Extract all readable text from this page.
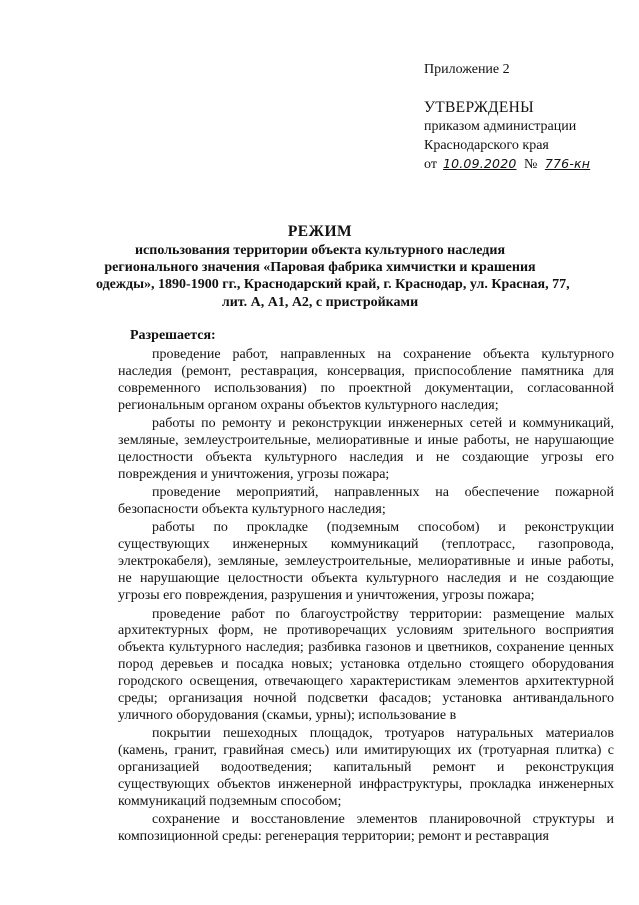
Приложение 2
УТВЕРЖДЕНЫ
приказом администрации
Краснодарского края
от 10.09.2020 № 776-кн
РЕЖИМ
использования территории объекта культурного наследия
регионального значения «Паровая фабрика химчистки и крашения
одежды», 1890-1900 гг., Краснодарский край, г. Краснодар, ул. Красная, 77,
лит. А, А1, А2, с пристройками
Разрешается:

проведение работ, направленных на сохранение объекта культурного наследия (ремонт, реставрация, консервация, приспособление памятника для современного использования) по проектной документации, согласованной региональным органом охраны объектов культурного наследия;

работы по ремонту и реконструкции инженерных сетей и коммуникаций, земляные, землеустроительные, мелиоративные и иные работы, не нарушающие целостности объекта культурного наследия и не создающие угрозы его повреждения и уничтожения, угрозы пожара;

проведение мероприятий, направленных на обеспечение пожарной безопасности объекта культурного наследия;

работы по прокладке (подземным способом) и реконструкции существующих инженерных коммуникаций (теплотрасс, газопровода, электрокабеля), земляные, землеустроительные, мелиоративные и иные работы, не нарушающие целостности объекта культурного наследия и не создающие угрозы его повреждения, разрушения и уничтожения, угрозы пожара;

проведение работ по благоустройству территории: размещение малых архитектурных форм, не противоречащих условиям зрительного восприятия объекта культурного наследия; разбивка газонов и цветников, сохранение ценных пород деревьев и посадка новых; установка отдельно стоящего оборудования городского освещения, отвечающего характеристикам элементов архитектурной среды; организация ночной подсветки фасадов; установка антивандального уличного оборудования (скамьи, урны); использование в

покрытии пешеходных площадок, тротуаров натуральных материалов (камень, гранит, гравийная смесь) или имитирующих их (тротуарная плитка) с организацией водоотведения; капитальный ремонт и реконструкция существующих объектов инженерной инфраструктуры, прокладка инженерных коммуникаций подземным способом;

сохранение и восстановление элементов планировочной структуры и композиционной среды: регенерация территории; ремонт и реставрация
